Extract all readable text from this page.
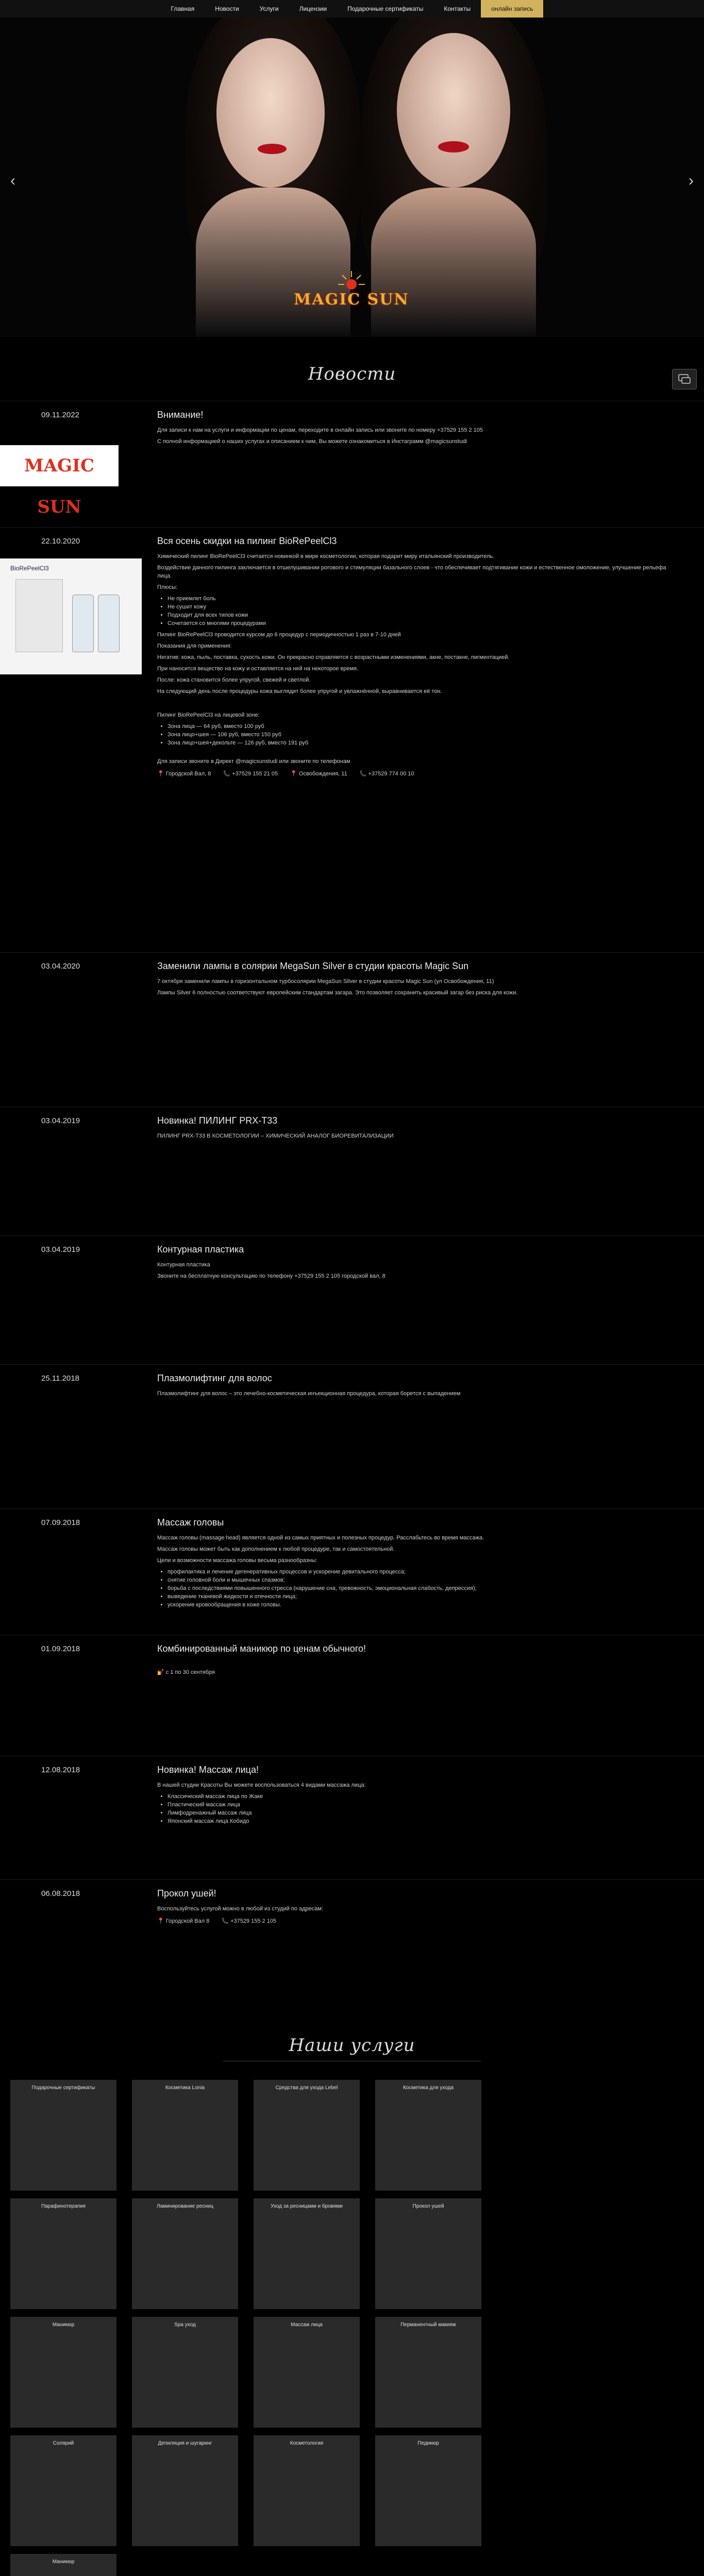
Главная	Новости	Услуги	Лицензии	Подарочные сертификаты	Контакты	онлайн запись
MAGIC SUN
‹	›
Новости
09.11.2022	Внимание!
MAGIC SUN

Для записи к нам на услуги и информации по ценам, переходите в онлайн запись или звоните по номеру +37529 155 2 105

С полной информацией о наших услугах и описанием к ним, Вы можете ознакомиться в Инстаграмм @magicsunstudi

22.10.2020	Вся осень скидки на пилинг BioRePeelCl3
BioRePeelCl3

Химический пилинг BioRePeelCl3 считается новинкой в мире косметологии, которая подарит миру итальянский производитель.

Воздействие данного пилинга заключается в отшелушивании рогового и стимуляции базального слоев - что обеспечивает подтягивание кожи и естественное омоложение, улучшение рельефа лица.

Плюсы:

• Не приемлет боль
• Не сушит кожу
• Подходит для всех типов кожи
• Сочетается со многими процедурами

Пилинг BioRePeelCl3 проводится курсом до 6 процедур с периодичностью 1 раз в 7-10 дней

Показания для применения:

Негатив: кожа, пыль, поставка, сухость кожи. Он прекрасно справляется с возрастными изменениями, акне, постакне, пигментацией.

При наносится вещество на кожу и оставляется на ней на некоторое время.

После: кожа становится более упругой, свежей и светлой.

На следующий день после процедуры кожа выглядит более упругой и увлажнённой, выравнивается её тон.

Пилинг BioRePeelCl3 на лицевой зоне:

• Зона лица — 64 руб, вместо 100 руб
• Зона лицо+шея — 106 руб, вместо 150 руб
• Зона лицо+шея+декольте — 126 руб, вместо 191 руб

Для записи звоните в Директ @magicsunstudi или звоните по телефонам

📍 Городской Вал, 8 📞 +37529 155 21 05 📍 Освобождения, 11 📞 +37529 774 00 10
03.04.2020	Заменили лампы в солярии MegaSun Silver в студии красоты Magic Sun

7 октября заменили лампы в горизонтальном турбосолярии MegaSun Silver в студии красоты Magic Sun (ул Освобождения, 11)

Лампы Silver 6 полностью соответствуют европейским стандартам загара. Это позволяет сохранить красивый загар без риска для кожи.

03.04.2019	Новинка! ПИЛИНГ PRX-T33

ПИЛИНГ PRX-T33 В КОСМЕТОЛОГИИ – ХИМИЧЕСКИЙ АНАЛОГ БИОРЕВИТАЛИЗАЦИИ

03.04.2019	Контурная пластика

Контурная пластика

Звоните на бесплатную консультацию по телефону +37529 155 2 105 городской вал, 8

25.11.2018	Плазмолифтинг для волос

Плазмолифтинг для волос – это лечебно-косметическая инъекционная процедура, которая борется с выпадением

07.09.2018	Массаж головы

Массаж головы (massage head) является одной из самых приятных и полезных процедур. Расслабьтесь во время массажа.

Массаж головы может быть как дополнением к любой процедуре, так и самостоятельной.

Цели и возможности массажа головы весьма разнообразны:

• профилактика и лечение дегенеративных процессов и ускорение девитального процесса;
• снятие головной боли и мышечных спазмов;
• борьба с последствиями повышенного стресса (нарушение сна, тревожность, эмоциональная слабость, депрессия);
• выведение тканевой жидкости и отечности лица;
• ускорение кровообращения в коже головы.
01.09.2018	Комбинированный маникюр по ценам обычного!

💅 с 1 по 30 сентября

12.08.2018	Новинка! Массаж лица!

В нашей студии Красоты Вы можете воспользоваться 4 видами массажа лица:

• Классический массаж лица по Жаке
• Пластический массаж лица
• Лимфодренажный массаж лица
• Японский массаж лица Кобидо
06.08.2018	Прокол ушей!

Воспользуйтесь услугой можно в любой из студий по адресам:

📍 Городской Вал 8 📞 +37529 155 2 105
Наши услуги
Подарочные сертификаты	Косметика Lonia	Средства для ухода Lebel	Косметика для ухода
Парафинотерапия	Ламинирование ресниц	Уход за ресницами и бровями	Прокол ушей
Маникюр	Spa уход	Массаж лица	Перманентный макияж
Солярий	Депиляция и шугаринг	Косметология	Педикюр
Маникюр
